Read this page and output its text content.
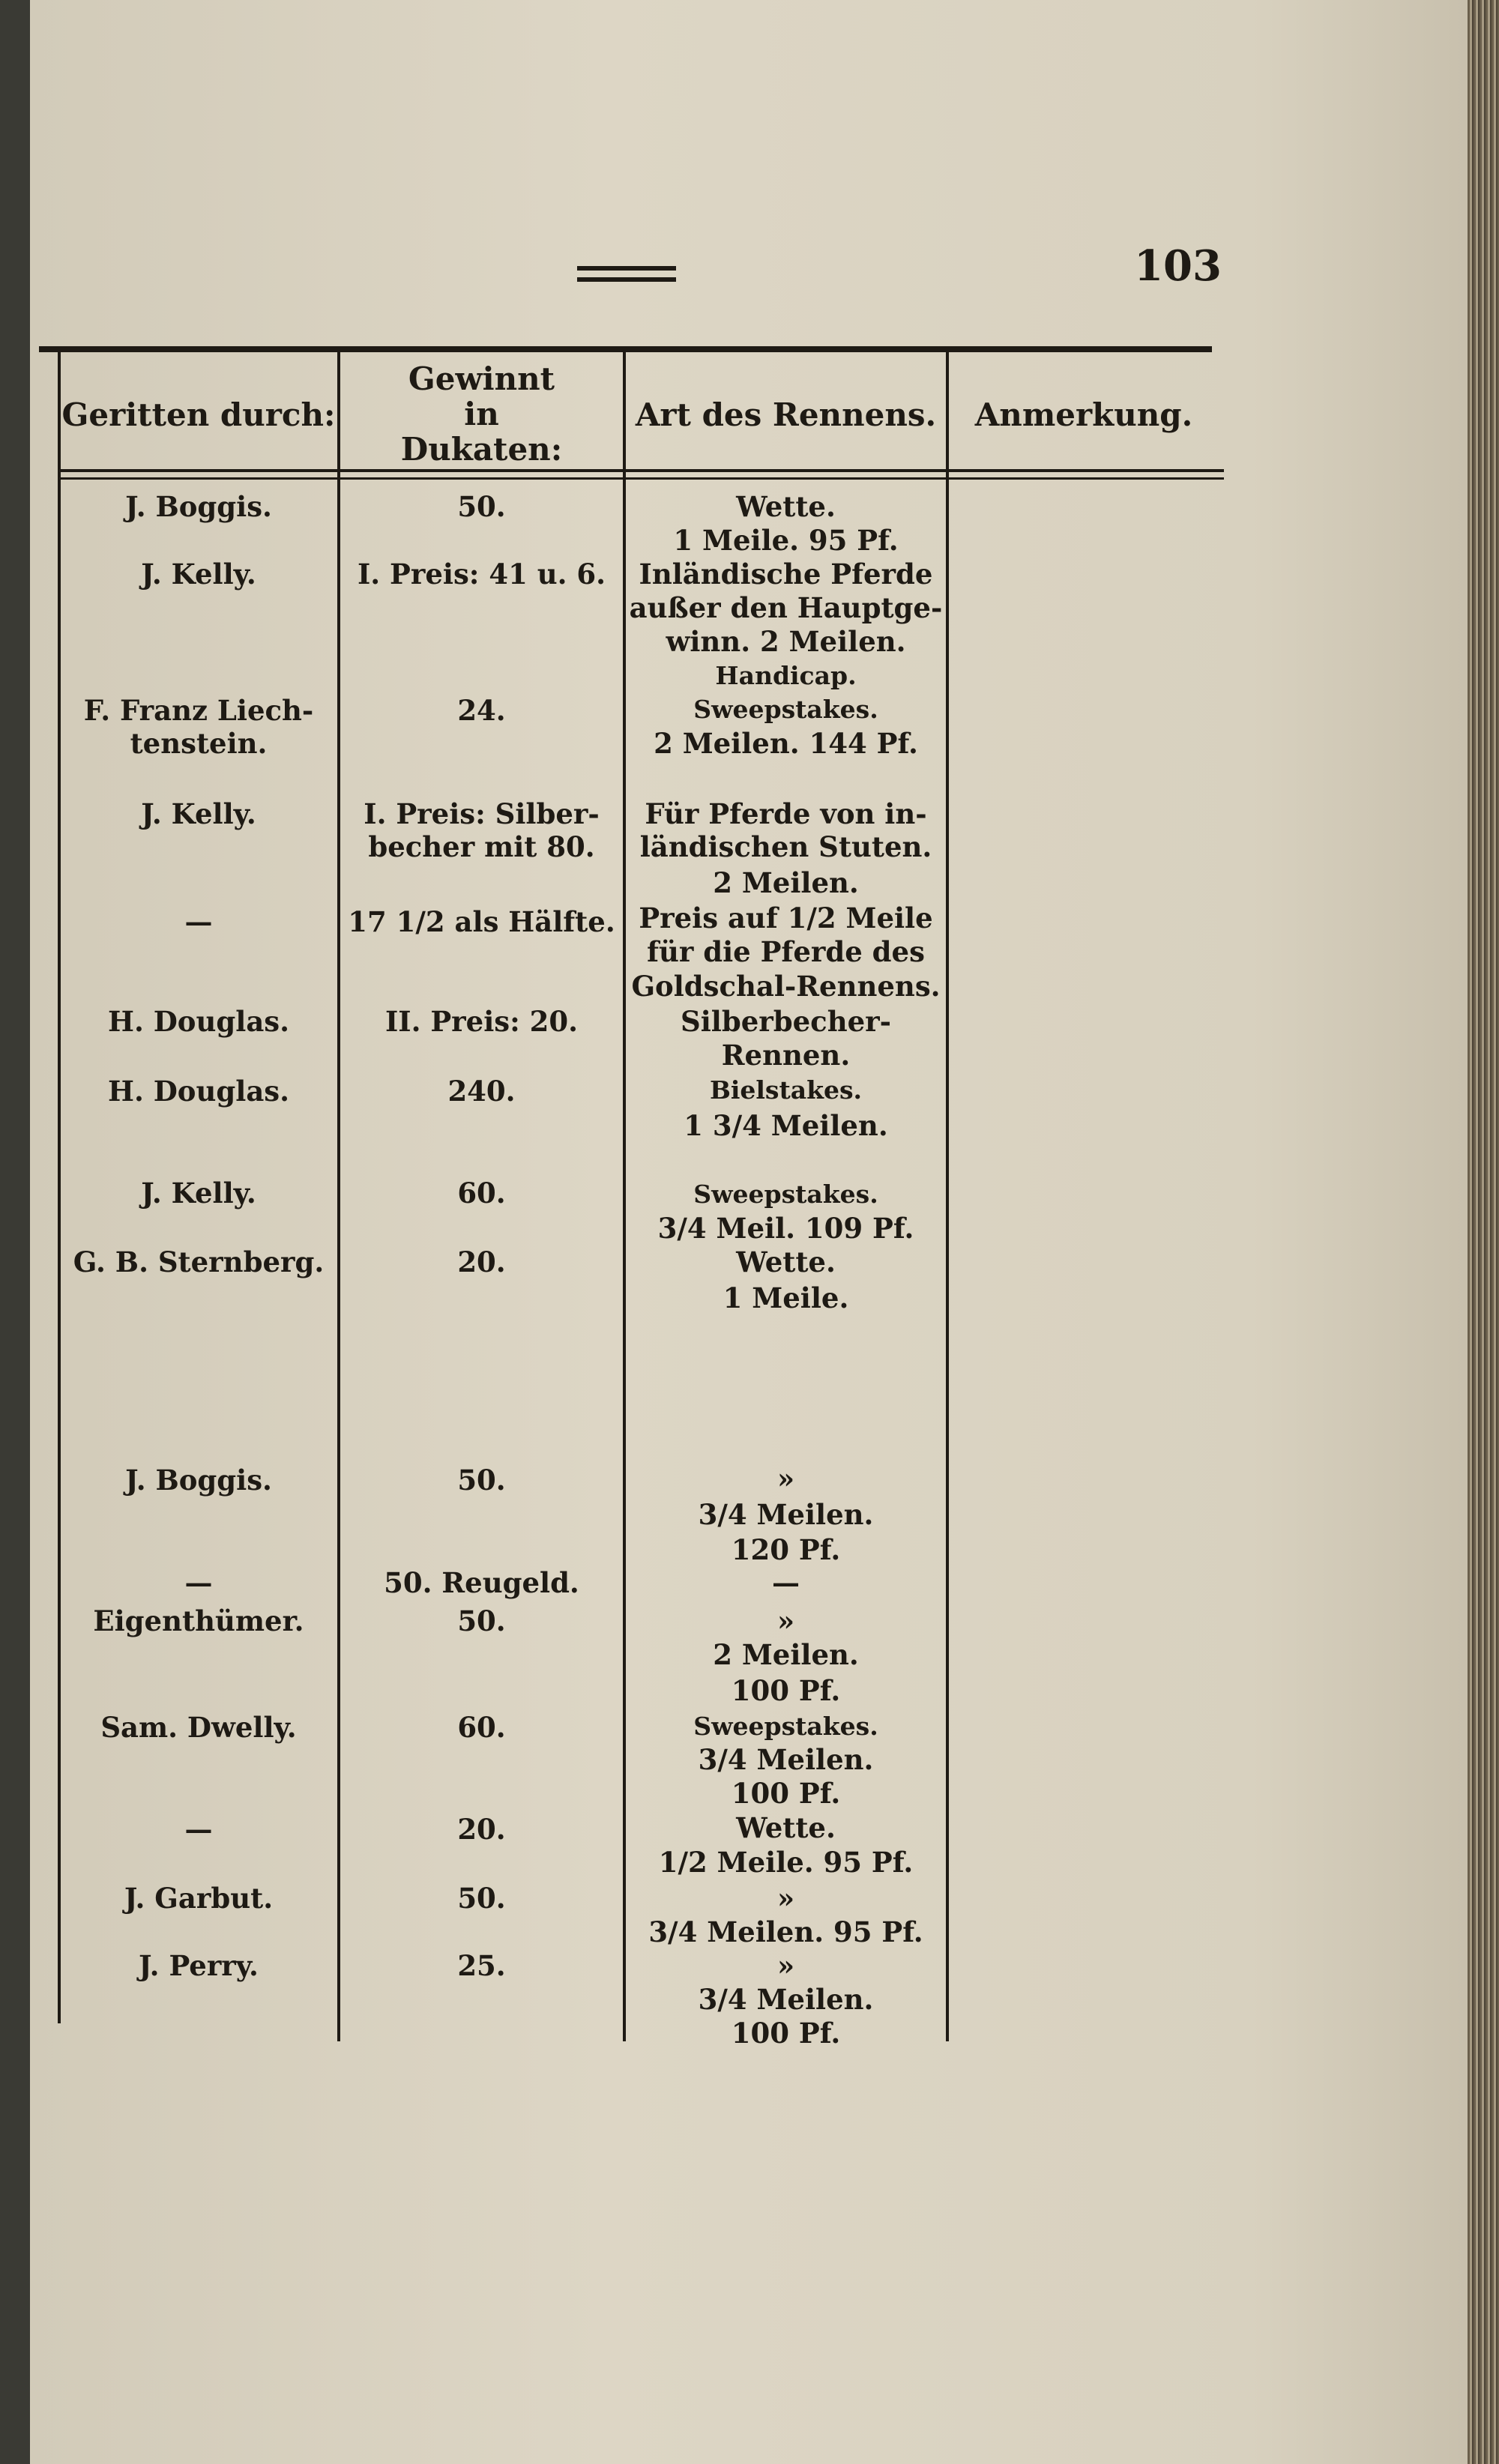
103
Geritten durch:
Gewinnt
in
Dukaten:
Art des Rennens.	Anmerkung.
J. Boggis.
J. Kelly.
F. Franz Liech-
tenstein.
J. Kelly.
—
H. Douglas.
H. Douglas.
J. Kelly.
G. B. Sternberg.
J. Boggis.
—
Eigenthümer.
Sam. Dwelly.
—
J. Garbut.
J. Perry.
50.
I. Preis: 41 u. 6.
24.
I. Preis: Silber-
becher mit 80.
17 1/2 als Hälfte.
II. Preis: 20.
240.
60.
20.
50.
50. Reugeld.
50.
60.
20.
50.
25.
Wette.
1 Meile. 95 Pf.
Inländische Pferde
außer den Hauptge-
winn. 2 Meilen.
Handicap.
Sweepstakes.
2 Meilen. 144 Pf.
Für Pferde von in-
ländischen Stuten.
2 Meilen.
Preis auf 1/2 Meile
für die Pferde des
Goldschal-Rennens.
Silberbecher-
Rennen.
Bielstakes.
1 3/4 Meilen.
Sweepstakes.
3/4 Meil. 109 Pf.
Wette.
1 Meile.
»
3/4 Meilen.
120 Pf.
—
»
2 Meilen.
100 Pf.
Sweepstakes.
3/4 Meilen.
100 Pf.
Wette.
1/2 Meile. 95 Pf.
»
3/4 Meilen. 95 Pf.
»
3/4 Meilen.
100 Pf.
